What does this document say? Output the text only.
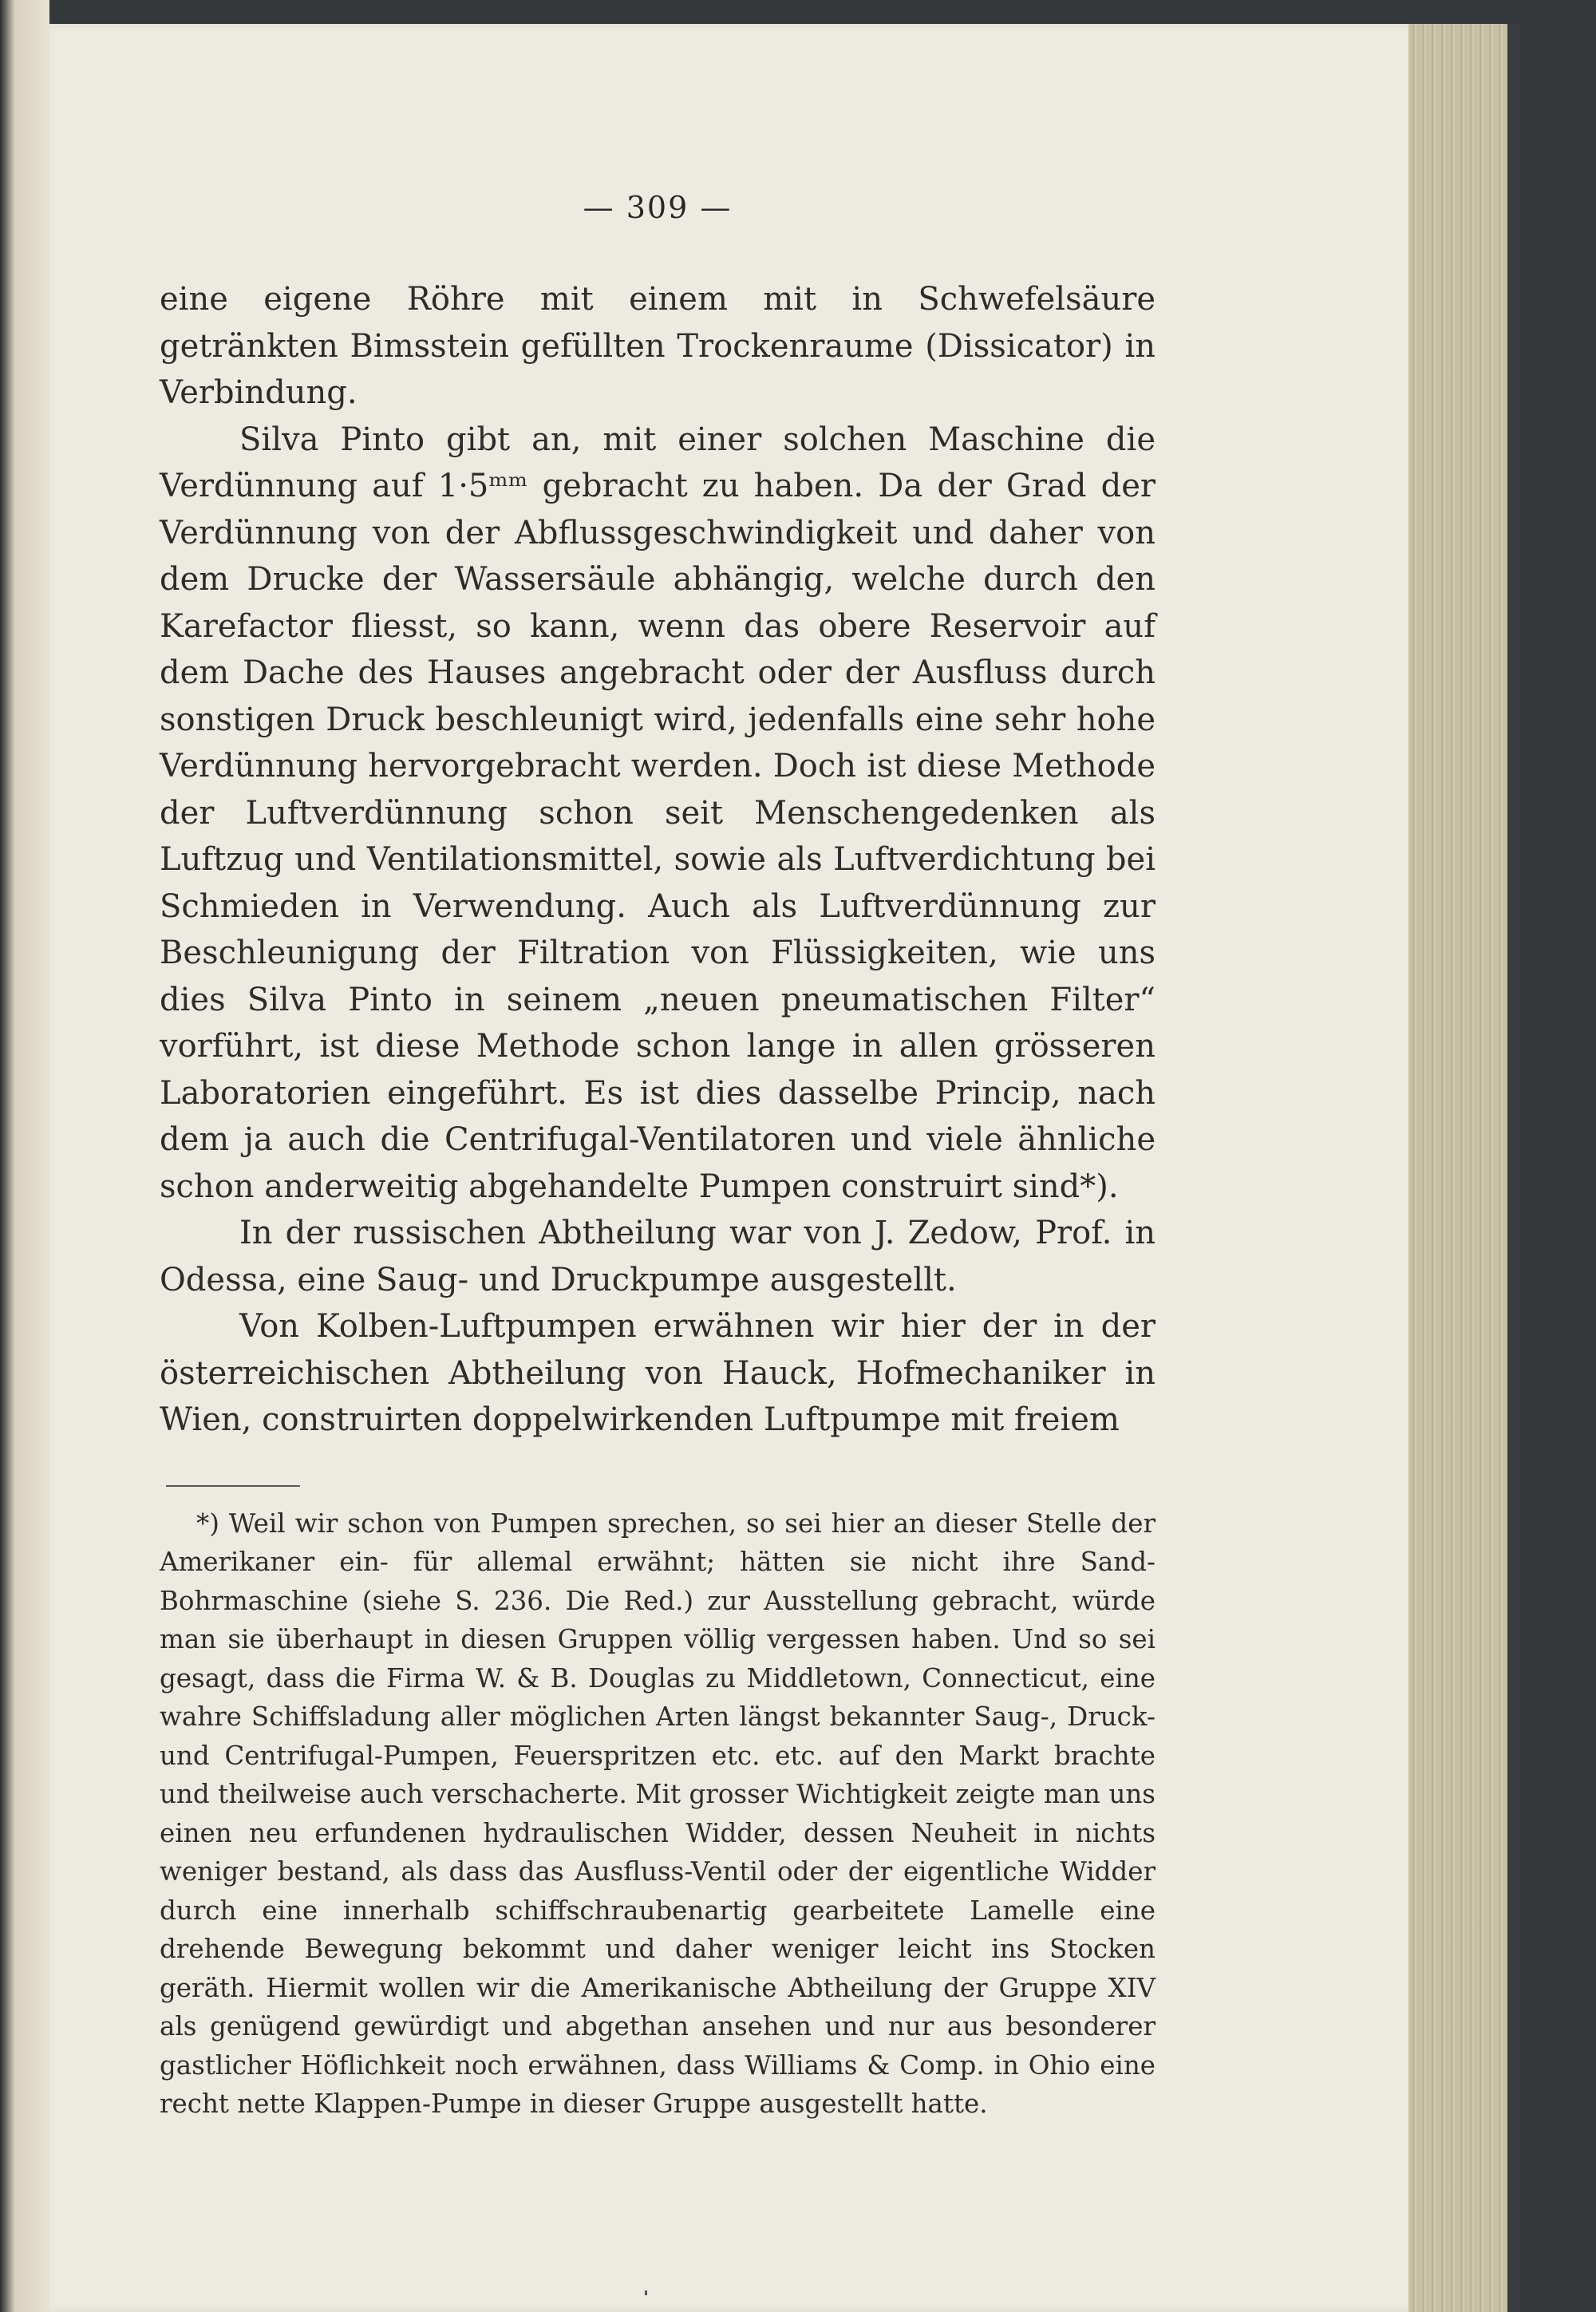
— 309 —

eine eigene Röhre mit einem mit in Schwefelsäure getränkten Bimsstein gefüllten Trockenraume (Dissicator) in Verbindung.

Silva Pinto gibt an, mit einer solchen Maschine die Verdünnung auf 1·5ᵐᵐ gebracht zu haben. Da der Grad der Verdünnung von der Abflussgeschwindigkeit und daher von dem Drucke der Wassersäule abhängig, welche durch den Karefactor fliesst, so kann, wenn das obere Reservoir auf dem Dache des Hauses angebracht oder der Ausfluss durch sonstigen Druck beschleunigt wird, jedenfalls eine sehr hohe Verdünnung hervorgebracht werden. Doch ist diese Methode der Luftverdünnung schon seit Menschengedenken als Luftzug und Ventilationsmittel, sowie als Luftverdichtung bei Schmieden in Verwendung. Auch als Luftverdünnung zur Beschleunigung der Filtration von Flüssigkeiten, wie uns dies Silva Pinto in seinem „neuen pneumatischen Filter“ vorführt, ist diese Methode schon lange in allen grösseren Laboratorien eingeführt. Es ist dies dasselbe Princip, nach dem ja auch die Centrifugal-Ventilatoren und viele ähnliche schon anderweitig abgehandelte Pumpen construirt sind*).

In der russischen Abtheilung war von J. Zedow, Prof. in Odessa, eine Saug- und Druckpumpe ausgestellt.

Von Kolben-Luftpumpen erwähnen wir hier der in der österreichischen Abtheilung von Hauck, Hofmechaniker in Wien, construirten doppelwirkenden Luftpumpe mit freiem

*) Weil wir schon von Pumpen sprechen, so sei hier an dieser Stelle der Amerikaner ein- für allemal erwähnt; hätten sie nicht ihre Sand-Bohrmaschine (siehe S. 236. Die Red.) zur Ausstellung gebracht, würde man sie überhaupt in diesen Gruppen völlig vergessen haben. Und so sei gesagt, dass die Firma W. & B. Douglas zu Middletown, Connecticut, eine wahre Schiffsladung aller möglichen Arten längst bekannter Saug-, Druck- und Centrifugal-Pumpen, Feuerspritzen etc. etc. auf den Markt brachte und theilweise auch verschacherte. Mit grosser Wichtigkeit zeigte man uns einen neu erfundenen hydraulischen Widder, dessen Neuheit in nichts weniger bestand, als dass das Ausfluss-Ventil oder der eigentliche Widder durch eine innerhalb schiffschraubenartig gearbeitete Lamelle eine drehende Bewegung bekommt und daher weniger leicht ins Stocken geräth. Hiermit wollen wir die Amerikanische Abtheilung der Gruppe XIV als genügend gewürdigt und abgethan ansehen und nur aus besonderer gastlicher Höflichkeit noch erwähnen, dass Williams & Comp. in Ohio eine recht nette Klappen-Pumpe in dieser Gruppe ausgestellt hatte.
